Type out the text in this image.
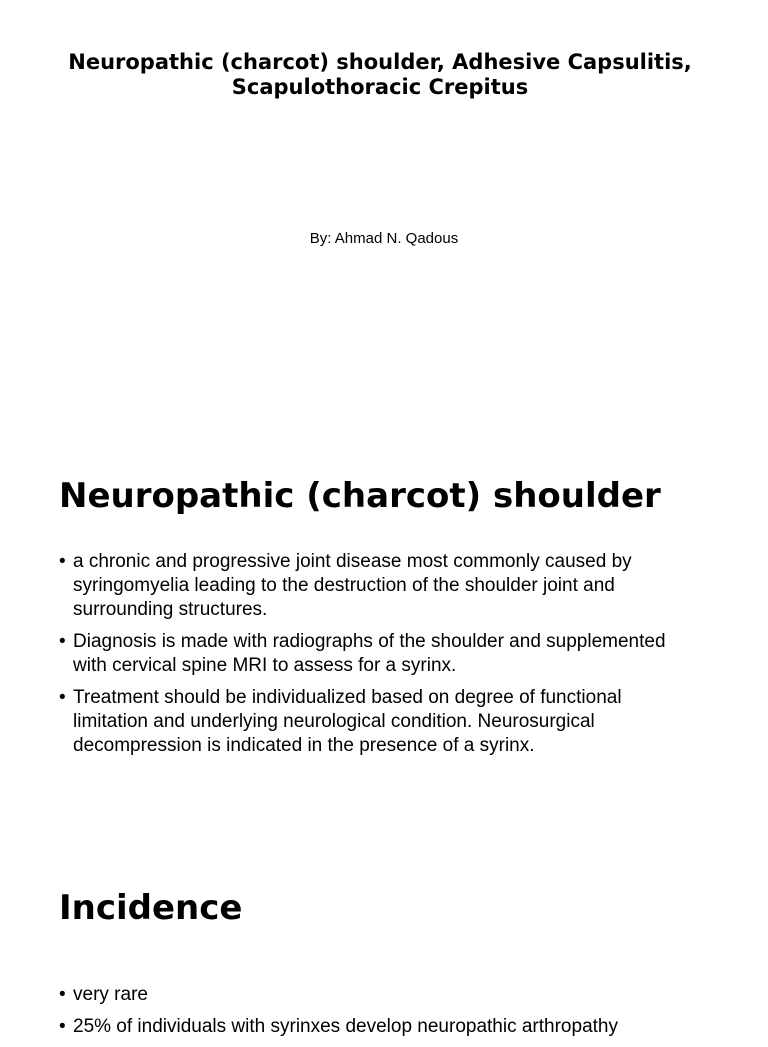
Neuropathic (charcot) shoulder, Adhesive Capsulitis, Scapulothoracic Crepitus

By: Ahmad N. Qadous

Neuropathic (charcot) shoulder
• a chronic and progressive joint disease most commonly caused by syringomyelia leading to the destruction of the shoulder joint and surrounding structures.
• Diagnosis is made with radiographs of the shoulder and supplemented with cervical spine MRI to assess for a syrinx.
• Treatment should be individualized based on degree of functional limitation and underlying neurological condition. Neurosurgical decompression is indicated in the presence of a syrinx.
Incidence
• very rare
• 25% of individuals with syrinxes develop neuropathic arthropathy
